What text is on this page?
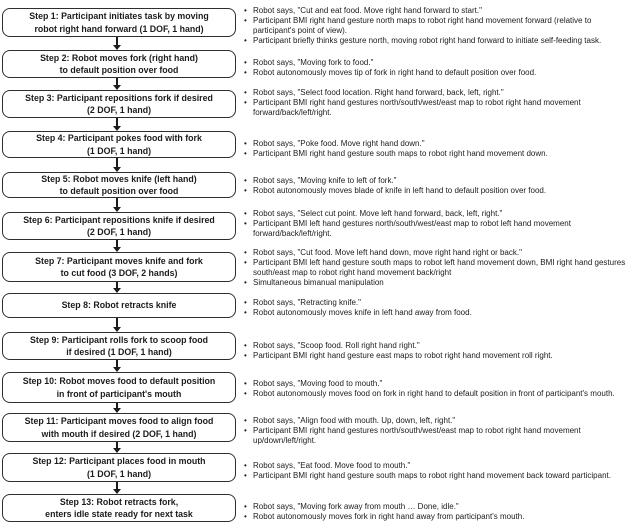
Step 1: Participant initiates task by moving
robot right hand forward (1 DOF, 1 hand)
• Robot says, "Cut and eat food. Move right hand forward to start."
• Participant BMI right hand gesture north maps to robot right hand movement forward (relative to participant's point of view).
• Participant briefly thinks gesture north, moving robot right hand forward to initiate self-feeding task.
Step 2: Robot moves fork (right hand)
to default position over food
• Robot says, "Moving fork to food."
• Robot autonomously moves tip of fork in right hand to default position over food.
Step 3: Participant repositions fork if desired
(2 DOF, 1 hand)
• Robot says, "Select food location. Right hand forward, back, left, right."
• Participant BMI right hand gestures north/south/west/east map to robot right hand movement forward/back/left/right.
Step 4: Participant pokes food with fork
(1 DOF, 1 hand)
• Robot says, "Poke food. Move right hand down."
• Participant BMI right hand gesture south maps to robot right hand movement down.
Step 5: Robot moves knife (left hand)
to default position over food
• Robot says, "Moving knife to left of fork."
• Robot autonomously moves blade of knife in left hand to default position over food.
Step 6: Participant repositions knife if desired
(2 DOF, 1 hand)
• Robot says, "Select cut point. Move left hand forward, back, left, right."
• Participant BMI left hand gestures north/south/west/east map to robot left hand movement forward/back/left/right.
Step 7: Participant moves knife and fork
to cut food (3 DOF, 2 hands)
• Robot says, "Cut food. Move left hand down, move right hand right or back."
• Participant BMI left hand gesture south maps to robot left hand movement down, BMI right hand gestures south/east map to robot right hand movement back/right
• Simultaneous bimanual manipulation
Step 8: Robot retracts knife	• Robot says, "Retracting knife."
• Robot autonomously moves knife in left hand away from food.
Step 9: Participant rolls fork to scoop food
if desired (1 DOF, 1 hand)
• Robot says, "Scoop food. Roll right hand right."
• Participant BMI right hand gesture east maps to robot right hand movement roll right.
Step 10: Robot moves food to default position
in front of participant's mouth
• Robot says, "Moving food to mouth."
• Robot autonomously moves food on fork in right hand to default position in front of participant's mouth.
Step 11: Participant moves food to align food
with mouth if desired (2 DOF, 1 hand)
• Robot says, "Align food with mouth. Up, down, left, right."
• Participant BMI right hand gestures north/south/west/east map to robot right hand movement up/down/left/right.
Step 12: Participant places food in mouth
(1 DOF, 1 hand)
• Robot says, "Eat food. Move food to mouth."
• Participant BMI right hand gesture south maps to robot right hand movement back toward participant.
Step 13: Robot retracts fork,
enters idle state ready for next task
• Robot says, "Moving fork away from mouth … Done, idle."
• Robot autonomously moves fork in right hand away from participant's mouth.
